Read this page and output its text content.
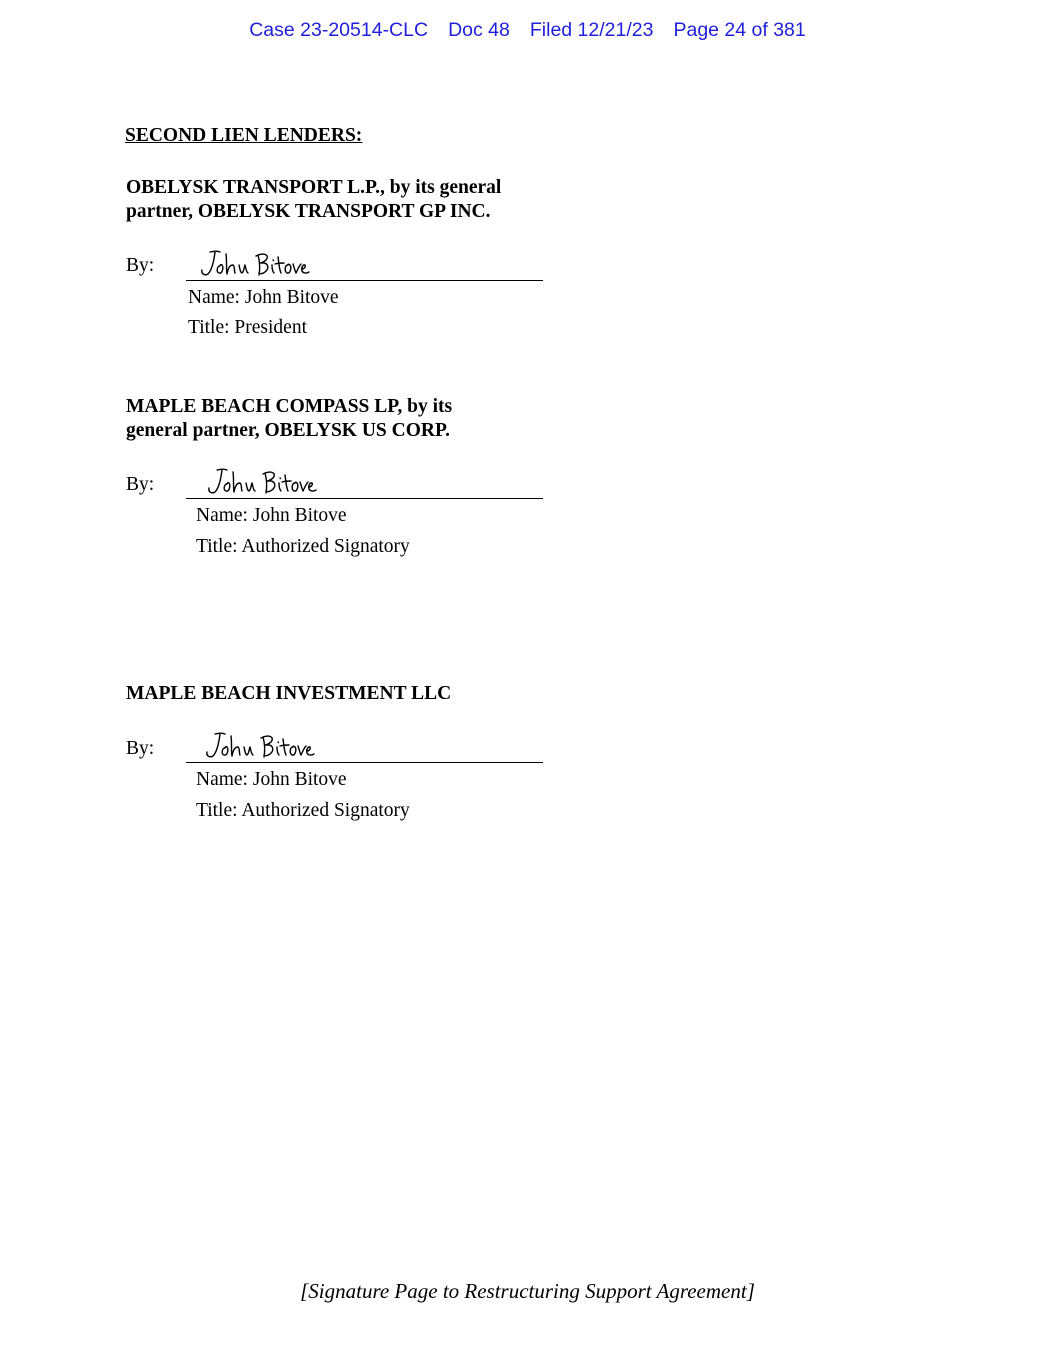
Case 23-20514-CLC Doc 48 Filed 12/21/23 Page 24 of 381
SECOND LIEN LENDERS:
OBELYSK TRANSPORT L.P., by its general
partner, OBELYSK TRANSPORT GP INC.
By:
Name: John Bitove
Title: President
MAPLE BEACH COMPASS LP, by its
general partner, OBELYSK US CORP.
By:
Name: John Bitove
Title: Authorized Signatory
MAPLE BEACH INVESTMENT LLC
By:
Name: John Bitove
Title: Authorized Signatory
[Signature Page to Restructuring Support Agreement]
